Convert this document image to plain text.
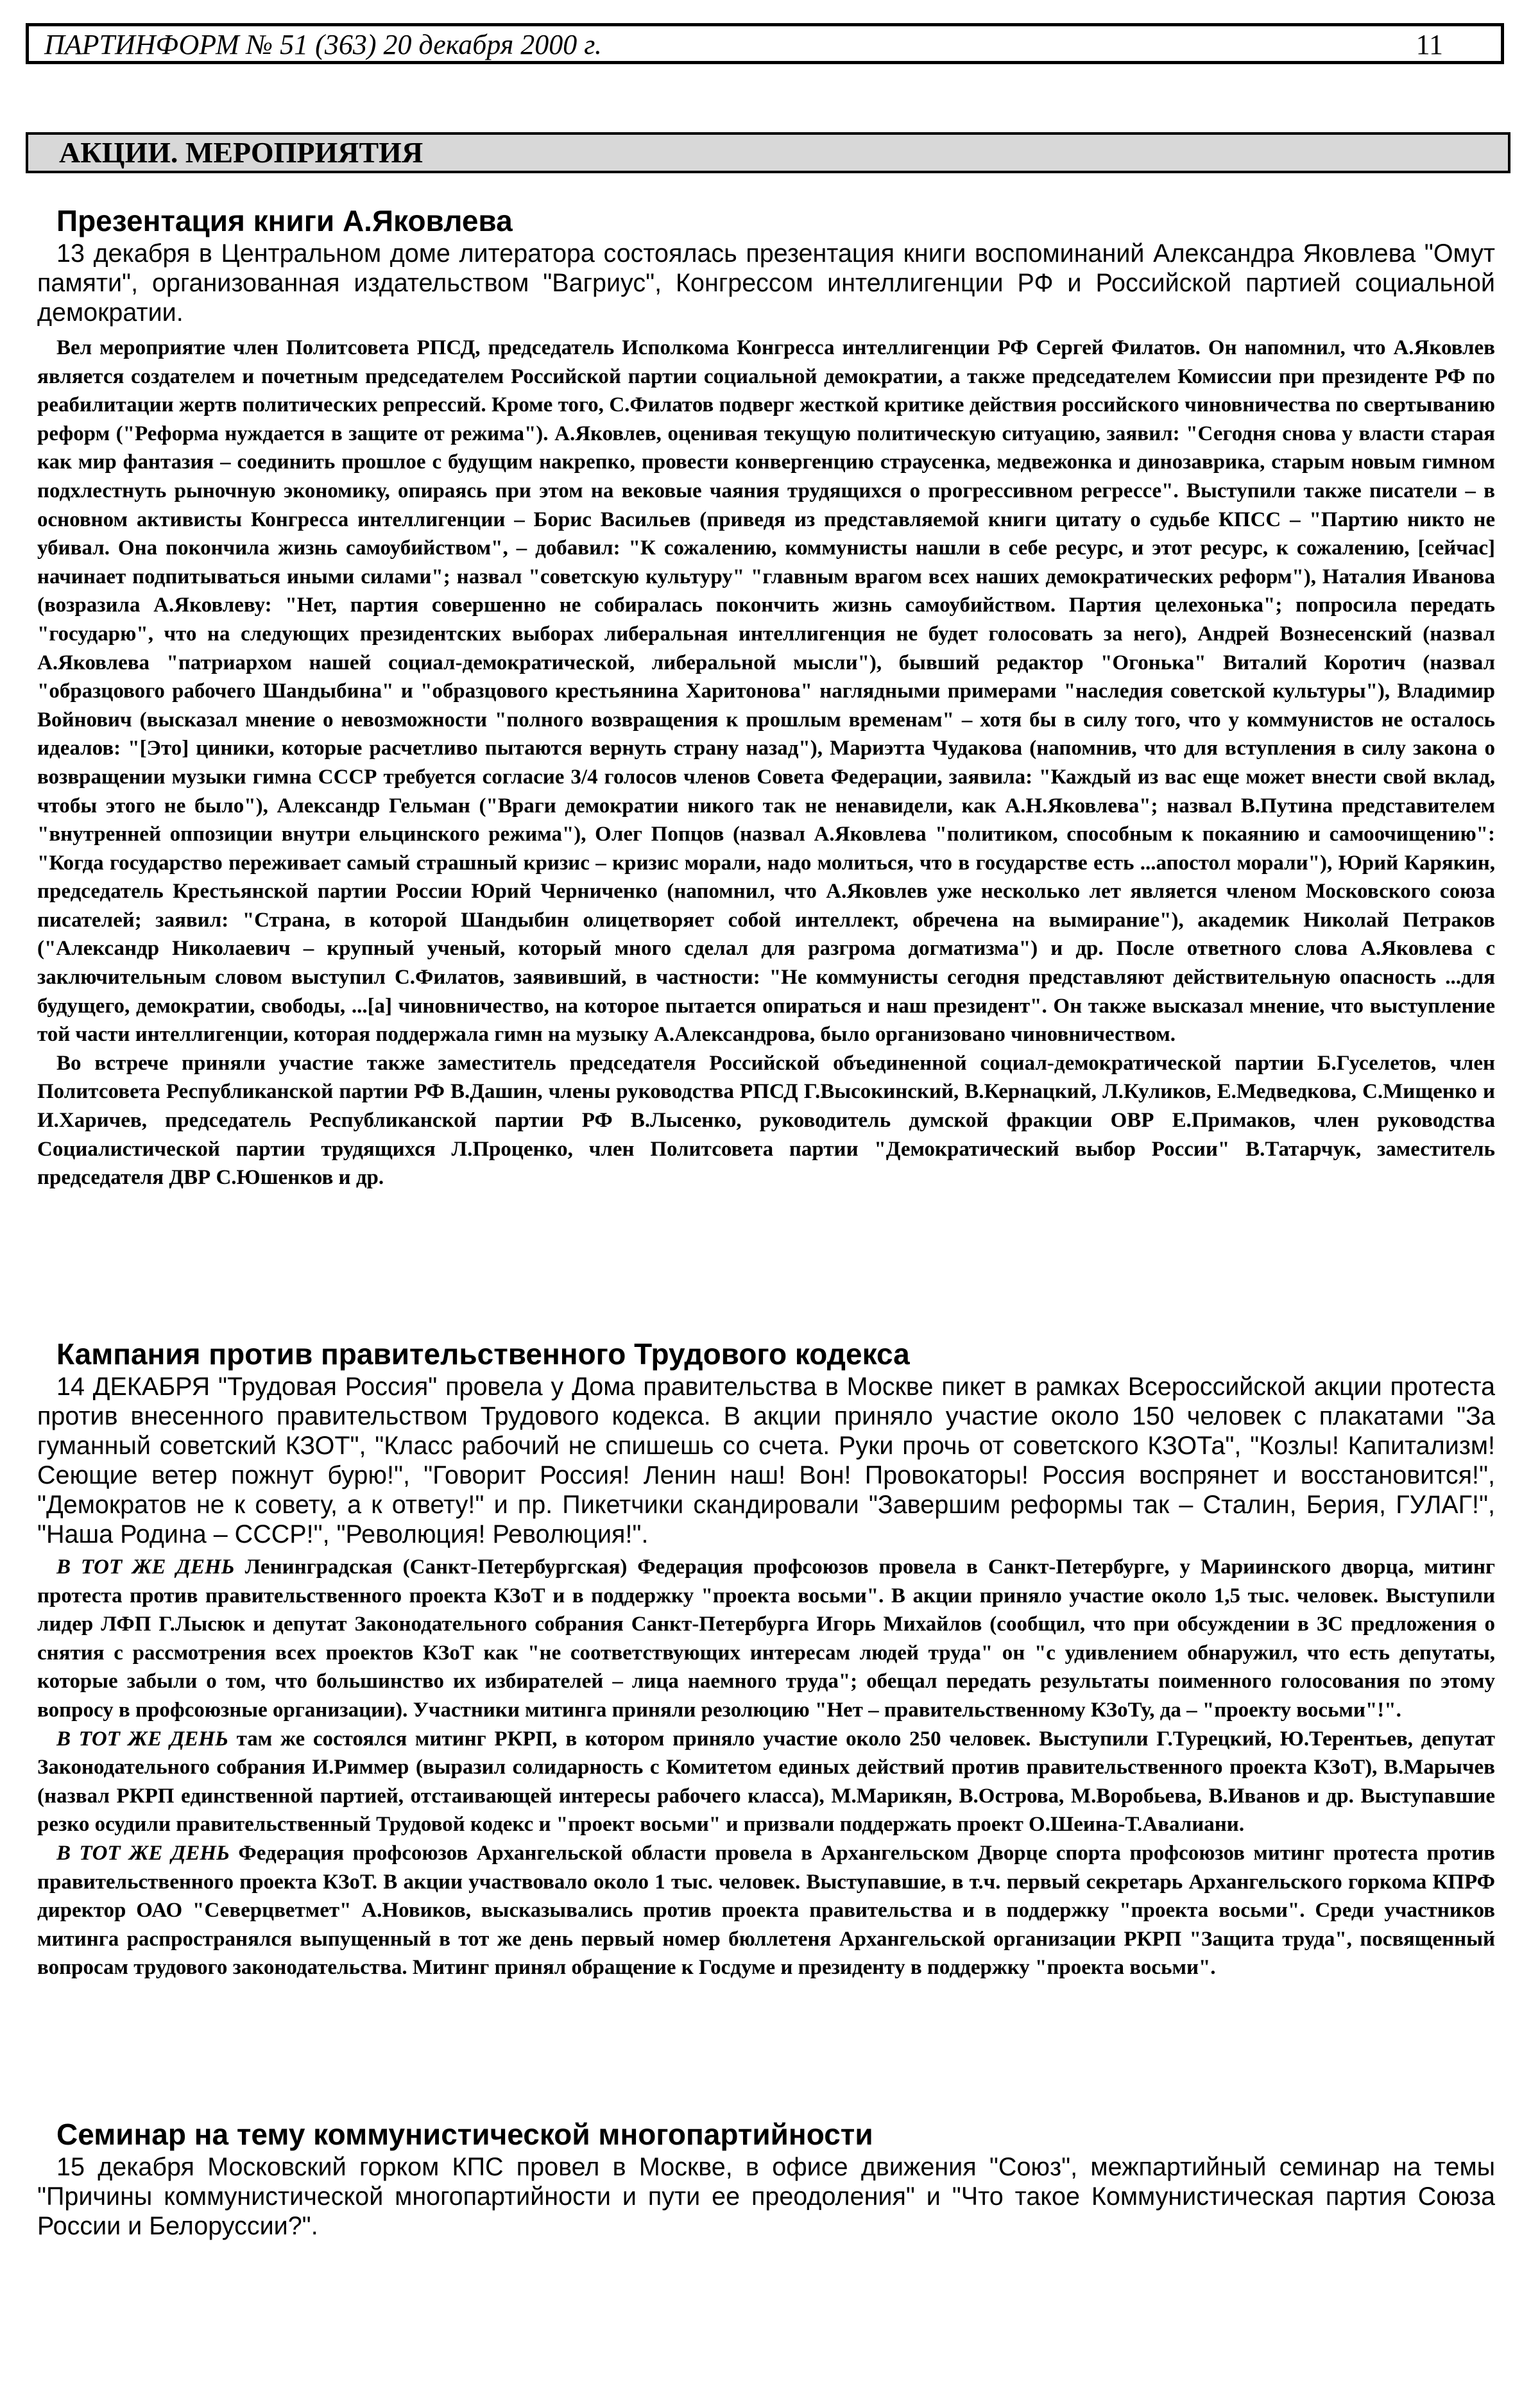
ПАРТИНФОРМ № 51 (363) 20 декабря 2000 г.	11
АКЦИИ. МЕРОПРИЯТИЯ
Презентация книги А.Яковлева

13 декабря в Центральном доме литератора состоялась презентация книги воспоминаний Александра Яковлева "Омут памяти", организованная издательством "Вагриус", Конгрессом интеллигенции РФ и Российской партией социальной демократии.

Вел мероприятие член Политсовета РПСД, председатель Исполкома Конгресса интеллигенции РФ Сергей Филатов. Он напомнил, что А.Яковлев является создателем и почетным председателем Российской партии социальной демократии, а также председателем Комиссии при президенте РФ по реабилитации жертв политических репрессий. Кроме того, С.Филатов подверг жесткой критике действия российского чиновничества по свертыванию реформ ("Реформа нуждается в защите от режима"). А.Яковлев, оценивая текущую политическую ситуацию, заявил: "Сегодня снова у власти старая как мир фантазия – соединить прошлое с будущим накрепко, провести конвергенцию страусенка, медвежонка и динозаврика, старым новым гимном подхлестнуть рыночную экономику, опираясь при этом на вековые чаяния трудящихся о прогрессивном регрессе". Выступили также писатели – в основном активисты Конгресса интеллигенции – Борис Васильев (приведя из представляемой книги цитату о судьбе КПСС – "Партию никто не убивал. Она покончила жизнь самоубийством", – добавил: "К сожалению, коммунисты нашли в себе ресурс, и этот ресурс, к сожалению, [сейчас] начинает подпитываться иными силами"; назвал "советскую культуру" "главным врагом всех наших демократических реформ"), Наталия Иванова (возразила А.Яковлеву: "Нет, партия совершенно не собиралась покончить жизнь самоубийством. Партия целехонька"; попросила передать "государю", что на следующих президентских выборах либеральная интеллигенция не будет голосовать за него), Андрей Вознесенский (назвал А.Яковлева "патриархом нашей социал-демократической, либеральной мысли"), бывший редактор "Огонька" Виталий Коротич (назвал "образцового рабочего Шандыбина" и "образцового крестьянина Харитонова" наглядными примерами "наследия советской культуры"), Владимир Войнович (высказал мнение о невозможности "полного возвращения к прошлым временам" – хотя бы в силу того, что у коммунистов не осталось идеалов: "[Это] циники, которые расчетливо пытаются вернуть страну назад"), Мариэтта Чудакова (напомнив, что для вступления в силу закона о возвращении музыки гимна СССР требуется согласие 3/4 голосов членов Совета Федерации, заявила: "Каждый из вас еще может внести свой вклад, чтобы этого не было"), Александр Гельман ("Враги демократии никого так не ненавидели, как А.Н.Яковлева"; назвал В.Путина представителем "внутренней оппозиции внутри ельцинского режима"), Олег Попцов (назвал А.Яковлева "политиком, способным к покаянию и самоочищению": "Когда государство переживает самый страшный кризис – кризис морали, надо молиться, что в государстве есть ...апостол морали"), Юрий Карякин, председатель Крестьянской партии России Юрий Черниченко (напомнил, что А.Яковлев уже несколько лет является членом Московского союза писателей; заявил: "Страна, в которой Шандыбин олицетворяет собой интеллект, обречена на вымирание"), академик Николай Петраков ("Александр Николаевич – крупный ученый, который много сделал для разгрома догматизма") и др. После ответного слова А.Яковлева с заключительным словом выступил С.Филатов, заявивший, в частности: "Не коммунисты сегодня представляют действительную опасность ...для будущего, демократии, свободы, ...[а] чиновничество, на которое пытается опираться и наш президент". Он также высказал мнение, что выступление той части интеллигенции, которая поддержала гимн на музыку А.Александрова, было организовано чиновничеством.

Во встрече приняли участие также заместитель председателя Российской объединенной социал-демократической партии Б.Гуселетов, член Политсовета Республиканской партии РФ В.Дашин, члены руководства РПСД Г.Высокинский, В.Кернацкий, Л.Куликов, Е.Медведкова, С.Мищенко и И.Харичев, председатель Республиканской партии РФ В.Лысенко, руководитель думской фракции ОВР Е.Примаков, член руководства Социалистической партии трудящихся Л.Проценко, член Политсовета партии "Демократический выбор России" В.Татарчук, заместитель председателя ДВР С.Юшенков и др.

Кампания против правительственного Трудового кодекса

14 ДЕКАБРЯ "Трудовая Россия" провела у Дома правительства в Москве пикет в рамках Всероссийской акции протеста против внесенного правительством Трудового кодекса. В акции приняло участие около 150 человек с плакатами "За гуманный советский КЗОТ", "Класс рабочий не спишешь со счета. Руки прочь от советского КЗОТа", "Козлы! Капитализм! Сеющие ветер пожнут бурю!", "Говорит Россия! Ленин наш! Вон! Провокаторы! Россия воспрянет и восстановится!", "Демократов не к совету, а к ответу!" и пр. Пикетчики скандировали "Завершим реформы так – Сталин, Берия, ГУЛАГ!", "Наша Родина – СССР!", "Революция! Революция!".

В ТОТ ЖЕ ДЕНЬ Ленинградская (Санкт-Петербургская) Федерация профсоюзов провела в Санкт-Петербурге, у Мариинского дворца, митинг протеста против правительственного проекта КЗоТ и в поддержку "проекта восьми". В акции приняло участие около 1,5 тыс. человек. Выступили лидер ЛФП Г.Лысюк и депутат Законодательного собрания Санкт-Петербурга Игорь Михайлов (сообщил, что при обсуждении в ЗС предложения о снятия с рассмотрения всех проектов КЗоТ как "не соответствующих интересам людей труда" он "с удивлением обнаружил, что есть депутаты, которые забыли о том, что большинство их избирателей – лица наемного труда"; обещал передать результаты поименного голосования по этому вопросу в профсоюзные организации). Участники митинга приняли резолюцию "Нет – правительственному КЗоТу, да – "проекту восьми"!".

В ТОТ ЖЕ ДЕНЬ там же состоялся митинг РКРП, в котором приняло участие около 250 человек. Выступили Г.Турецкий, Ю.Терентьев, депутат Законодательного собрания И.Риммер (выразил солидарность с Комитетом единых действий против правительственного проекта КЗоТ), В.Марычев (назвал РКРП единственной партией, отстаивающей интересы рабочего класса), М.Марикян, В.Острова, М.Воробьева, В.Иванов и др. Выступавшие резко осудили правительственный Трудовой кодекс и "проект восьми" и призвали поддержать проект О.Шеина-Т.Авалиани.

В ТОТ ЖЕ ДЕНЬ Федерация профсоюзов Архангельской области провела в Архангельском Дворце спорта профсоюзов митинг протеста против правительственного проекта КЗоТ. В акции участвовало около 1 тыс. человек. Выступавшие, в т.ч. первый секретарь Архангельского горкома КПРФ директор ОАО "Северцветмет" А.Новиков, высказывались против проекта правительства и в поддержку "проекта восьми". Среди участников митинга распространялся выпущенный в тот же день первый номер бюллетеня Архангельской организации РКРП "Защита труда", посвященный вопросам трудового законодательства. Митинг принял обращение к Госдуме и президенту в поддержку "проекта восьми".

Семинар на тему коммунистической многопартийности

15 декабря Московский горком КПС провел в Москве, в офисе движения "Союз", межпартийный семинар на темы "Причины коммунистической многопартийности и пути ее преодоления" и "Что такое Коммунистическая партия Союза России и Белоруссии?".
